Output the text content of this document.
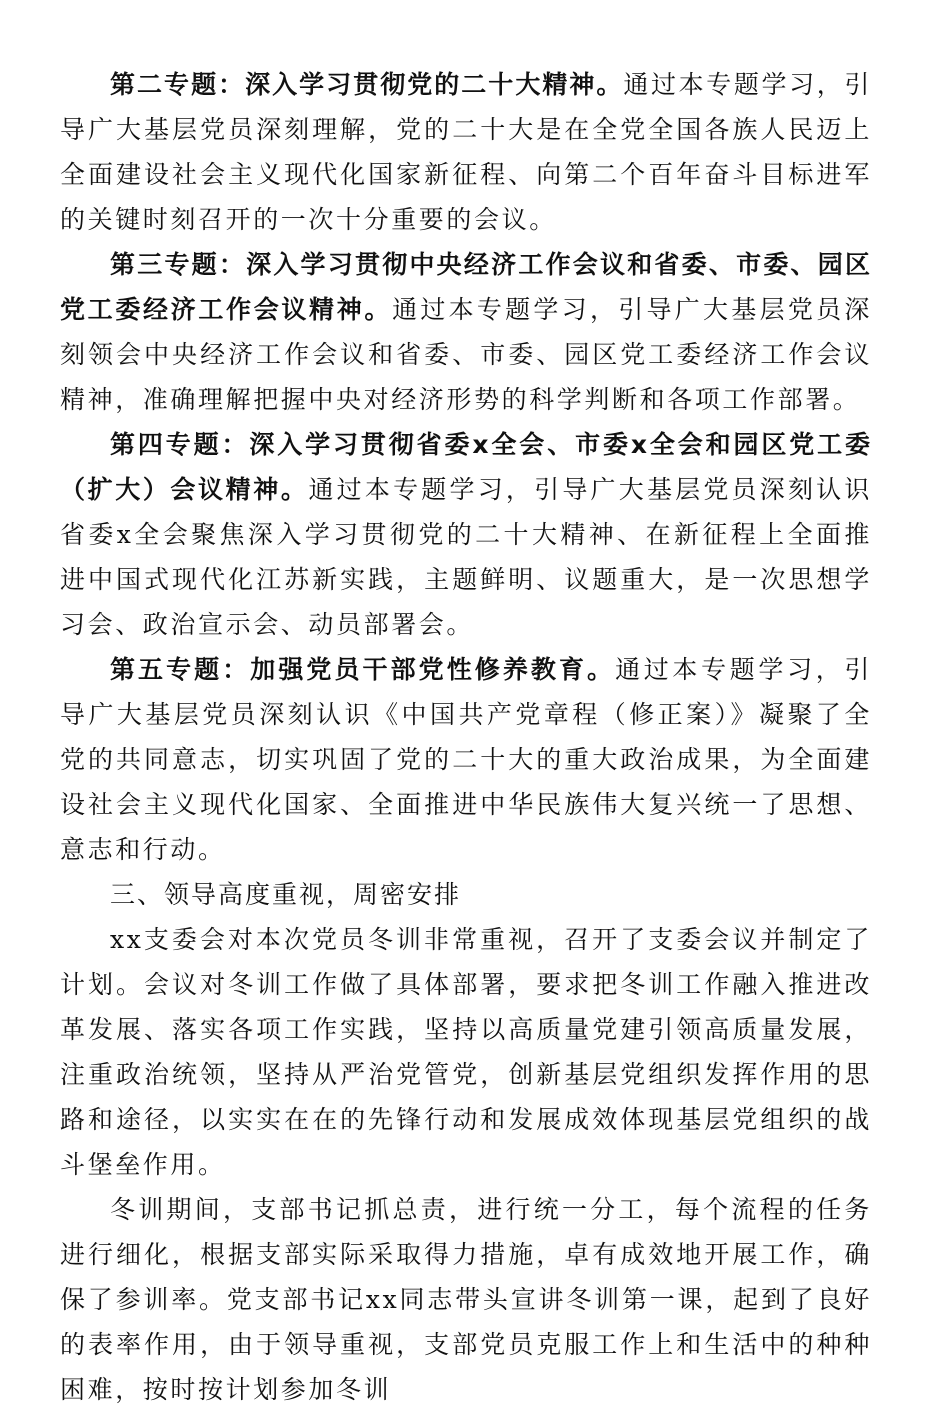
第二专题：深入学习贯彻党的二十大精神。通过本专题学习，引导广大基层党员深刻理解，党的二十大是在全党全国各族人民迈上全面建设社会主义现代化国家新征程、向第二个百年奋斗目标进军的关键时刻召开的一次十分重要的会议。

第三专题：深入学习贯彻中央经济工作会议和省委、市委、园区党工委经济工作会议精神。通过本专题学习，引导广大基层党员深刻领会中央经济工作会议和省委、市委、园区党工委经济工作会议精神，准确理解把握中央对经济形势的科学判断和各项工作部署。

第四专题：深入学习贯彻省委x全会、市委x全会和园区党工委（扩大）会议精神。通过本专题学习，引导广大基层党员深刻认识省委x全会聚焦深入学习贯彻党的二十大精神、在新征程上全面推进中国式现代化江苏新实践，主题鲜明、议题重大，是一次思想学习会、政治宣示会、动员部署会。

第五专题：加强党员干部党性修养教育。通过本专题学习，引导广大基层党员深刻认识《中国共产党章程（修正案）》凝聚了全党的共同意志，切实巩固了党的二十大的重大政治成果，为全面建设社会主义现代化国家、全面推进中华民族伟大复兴统一了思想、意志和行动。

三、领导高度重视，周密安排

xx支委会对本次党员冬训非常重视，召开了支委会议并制定了计划。会议对冬训工作做了具体部署，要求把冬训工作融入推进改革发展、落实各项工作实践，坚持以高质量党建引领高质量发展，注重政治统领，坚持从严治党管党，创新基层党组织发挥作用的思路和途径，以实实在在的先锋行动和发展成效体现基层党组织的战斗堡垒作用。

冬训期间，支部书记抓总责，进行统一分工，每个流程的任务进行细化，根据支部实际采取得力措施，卓有成效地开展工作，确保了参训率。党支部书记xx同志带头宣讲冬训第一课，起到了良好的表率作用，由于领导重视，支部党员克服工作上和生活中的种种困难，按时按计划参加冬训
